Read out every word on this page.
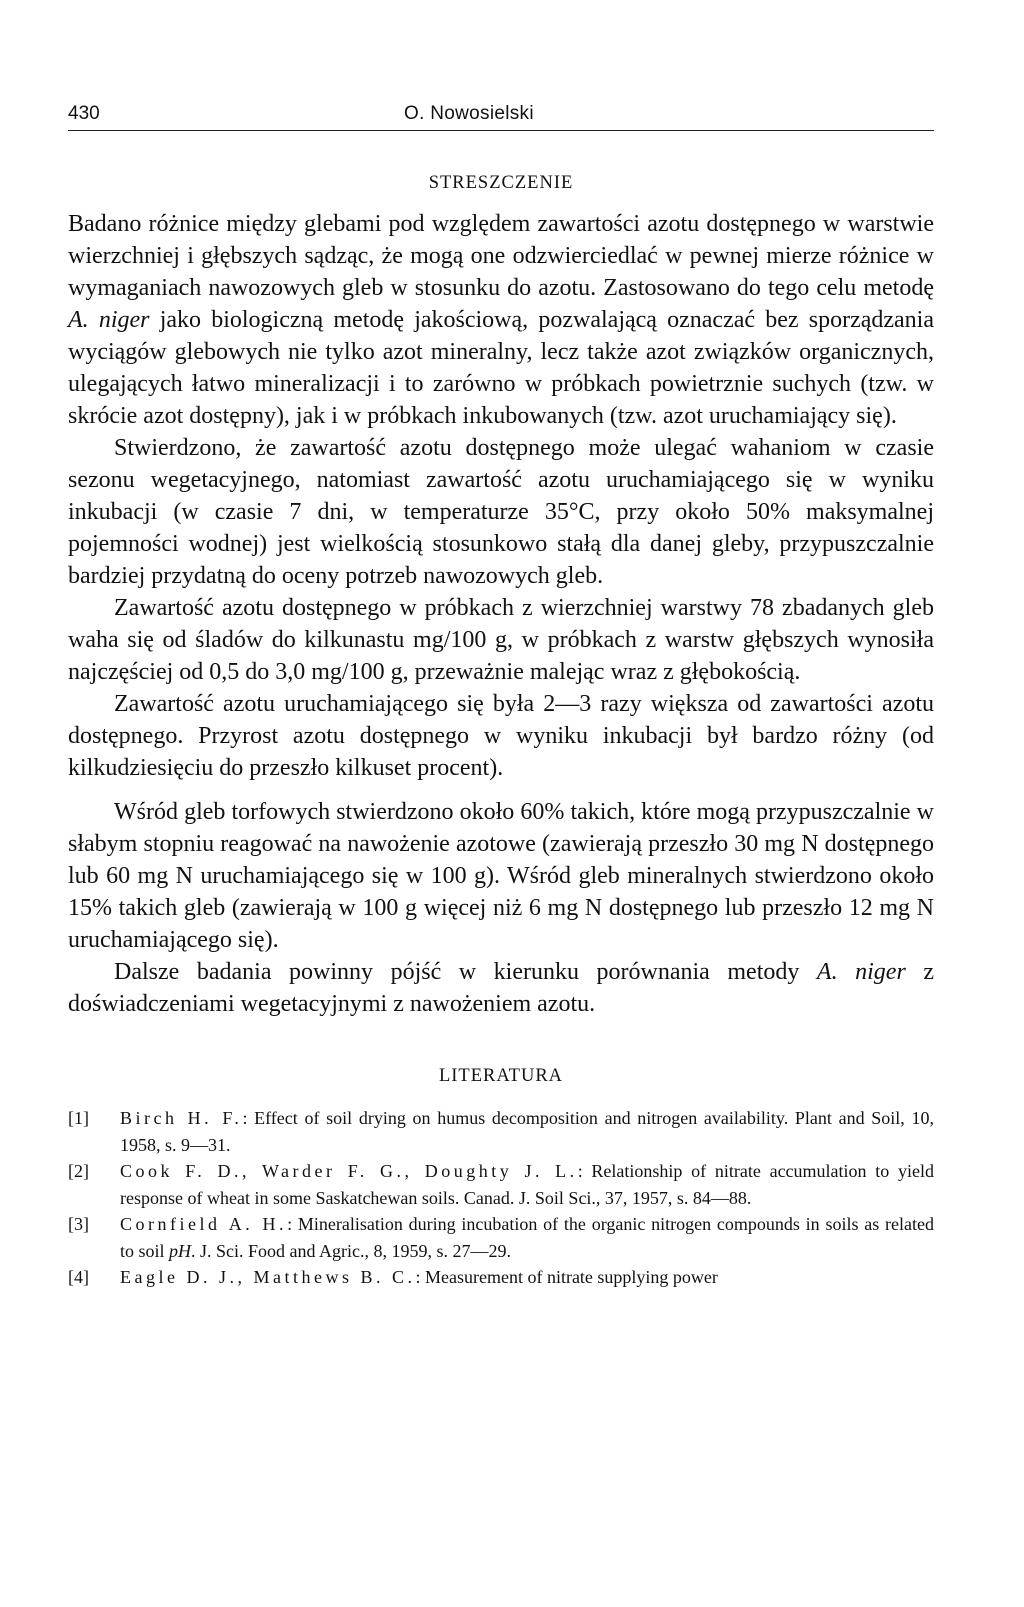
430	O. Nowosielski
STRESZCZENIE

Badano różnice między glebami pod względem zawartości azotu dostępnego w warstwie wierzchniej i głębszych sądząc, że mogą one odzwierciedlać w pewnej mierze różnice w wymaganiach nawozowych gleb w stosunku do azotu. Zastosowano do tego celu metodę A. niger jako biologiczną metodę jakościową, pozwalającą oznaczać bez sporządzania wyciągów glebowych nie tylko azot mineralny, lecz także azot związków organicznych, ulegających łatwo mineralizacji i to zarówno w próbkach powietrznie suchych (tzw. w skrócie azot dostępny), jak i w próbkach inkubowanych (tzw. azot uruchamiający się).

Stwierdzono, że zawartość azotu dostępnego może ulegać wahaniom w czasie sezonu wegetacyjnego, natomiast zawartość azotu uruchamiającego się w wyniku inkubacji (w czasie 7 dni, w temperaturze 35°C, przy około 50% maksymalnej pojemności wodnej) jest wielkością stosunkowo stałą dla danej gleby, przypuszczalnie bardziej przydatną do oceny potrzeb nawozowych gleb.

Zawartość azotu dostępnego w próbkach z wierzchniej warstwy 78 zbadanych gleb waha się od śladów do kilkunastu mg/100 g, w próbkach z warstw głębszych wynosiła najczęściej od 0,5 do 3,0 mg/100 g, przeważnie malejąc wraz z głębokością.

Zawartość azotu uruchamiającego się była 2—3 razy większa od zawartości azotu dostępnego. Przyrost azotu dostępnego w wyniku inkubacji był bardzo różny (od kilkudziesięciu do przeszło kilkuset procent).

Wśród gleb torfowych stwierdzono około 60% takich, które mogą przypuszczalnie w słabym stopniu reagować na nawożenie azotowe (zawierają przeszło 30 mg N dostępnego lub 60 mg N uruchamiającego się w 100 g). Wśród gleb mineralnych stwierdzono około 15% takich gleb (zawierają w 100 g więcej niż 6 mg N dostępnego lub przeszło 12 mg N uruchamiającego się).

Dalsze badania powinny pójść w kierunku porównania metody A. niger z doświadczeniami wegetacyjnymi z nawożeniem azotu.

LITERATURA
[1] Birch H. F.: Effect of soil drying on humus decomposition and nitrogen availability. Plant and Soil, 10, 1958, s. 9—31.
[2] Cook F. D., Warder F. G., Doughty J. L.: Relationship of nitrate accumulation to yield response of wheat in some Saskatchewan soils. Canad. J. Soil Sci., 37, 1957, s. 84—88.
[3] Cornfield A. H.: Mineralisation during incubation of the organic nitrogen compounds in soils as related to soil pH. J. Sci. Food and Agric., 8, 1959, s. 27—29.
[4] Eagle D. J., Matthews B. C.: Measurement of nitrate supplying power
